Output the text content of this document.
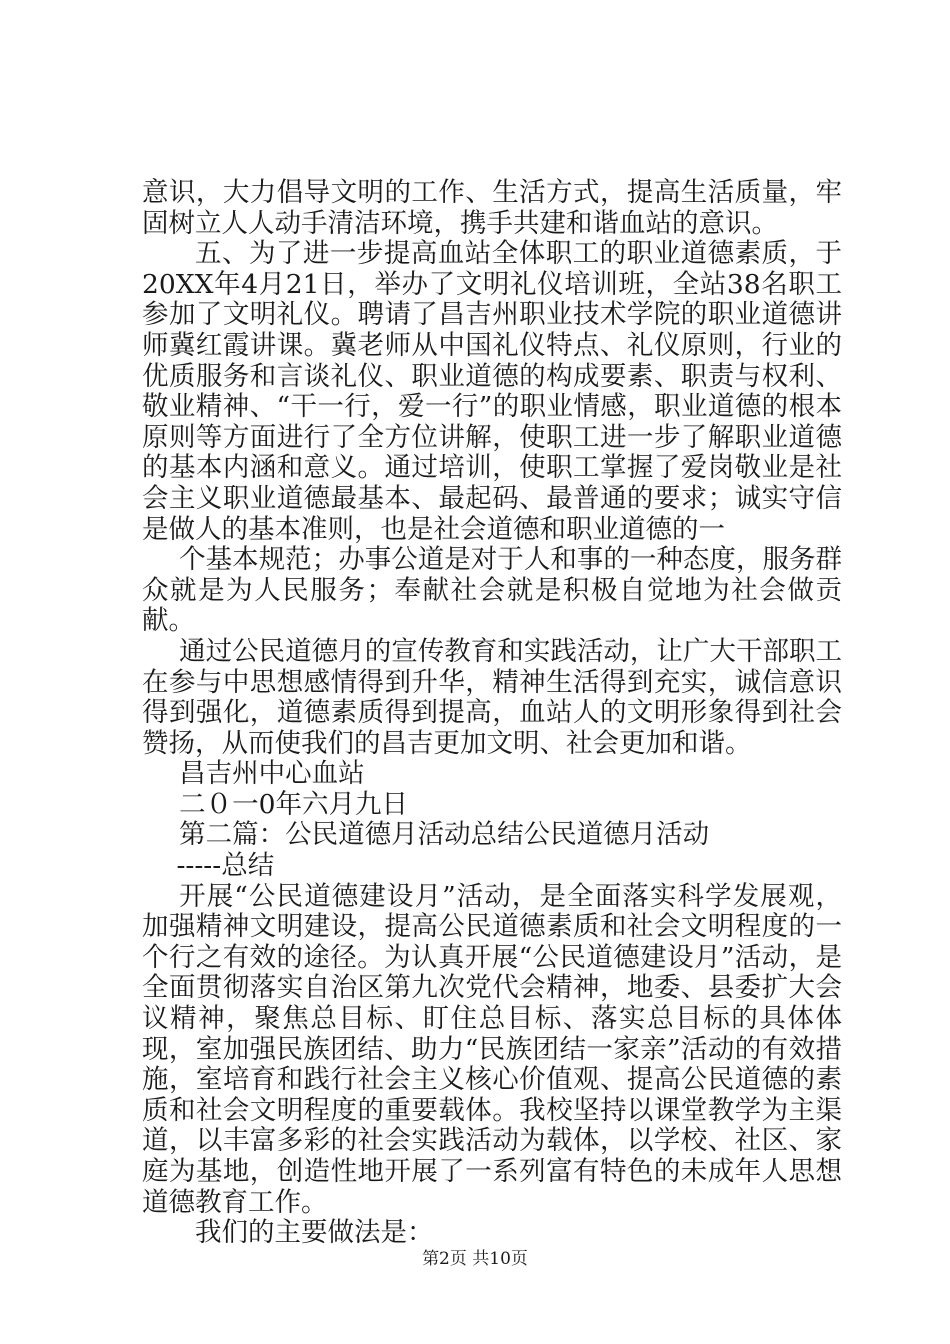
意识，大力倡导文明的工作、生活方式，提高生活质量，牢固树立人人动手清洁环境，携手共建和谐血站的意识。

五、为了进一步提高血站全体职工的职业道德素质，于20XX年4月21日，举办了文明礼仪培训班，全站38名职工参加了文明礼仪。聘请了昌吉州职业技术学院的职业道德讲师冀红霞讲课。冀老师从中国礼仪特点、礼仪原则，行业的优质服务和言谈礼仪、职业道德的构成要素、职责与权利、敬业精神、“干一行，爱一行”的职业情感，职业道德的根本原则等方面进行了全方位讲解，使职工进一步了解职业道德的基本内涵和意义。通过培训，使职工掌握了爱岗敬业是社会主义职业道德最基本、最起码、最普通的要求；诚实守信是做人的基本准则，也是社会道德和职业道德的一

个基本规范；办事公道是对于人和事的一种态度，服务群众就是为人民服务；奉献社会就是积极自觉地为社会做贡献。

通过公民道德月的宣传教育和实践活动，让广大干部职工在参与中思想感情得到升华，精神生活得到充实，诚信意识得到强化，道德素质得到提高，血站人的文明形象得到社会赞扬，从而使我们的昌吉更加文明、社会更加和谐。

昌吉州中心血站

二０一0年六月九日

第二篇：公民道德月活动总结公民道德月活动

-----总结

开展“公民道德建设月”活动，是全面落实科学发展观，加强精神文明建设，提高公民道德素质和社会文明程度的一个行之有效的途径。为认真开展“公民道德建设月”活动，是全面贯彻落实自治区第九次党代会精神，地委、县委扩大会议精神，聚焦总目标、盯住总目标、落实总目标的具体体现，室加强民族团结、助力“民族团结一家亲”活动的有效措施，室培育和践行社会主义核心价值观、提高公民道德的素质和社会文明程度的重要载体。我校坚持以课堂教学为主渠道，以丰富多彩的社会实践活动为载体，以学校、社区、家庭为基地，创造性地开展了一系列富有特色的未成年人思想道德教育工作。

我们的主要做法是：

第2页 共10页
